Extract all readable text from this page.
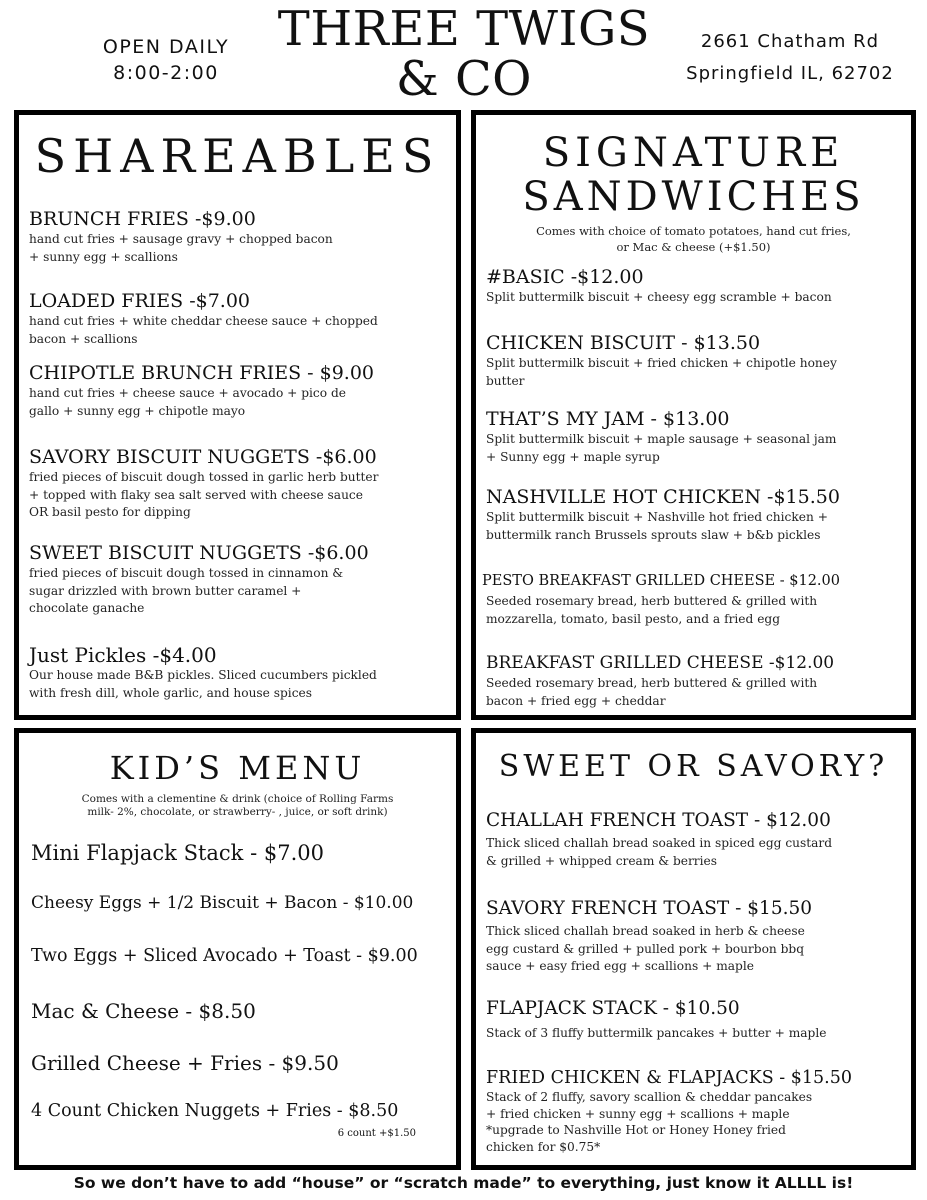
OPEN DAILY
8:00-2:00
THREE TWIGS
& CO
2661 Chatham Rd
Springfield IL, 62702
SHAREABLES
BRUNCH FRIES -$9.00
hand cut fries + sausage gravy + chopped bacon
+ sunny egg + scallions
LOADED FRIES -$7.00
hand cut fries + white cheddar cheese sauce + chopped
bacon + scallions
CHIPOTLE BRUNCH FRIES - $9.00
hand cut fries + cheese sauce + avocado + pico de
gallo + sunny egg + chipotle mayo
SAVORY BISCUIT NUGGETS -$6.00
fried pieces of biscuit dough tossed in garlic herb butter
+ topped with flaky sea salt served with cheese sauce
OR basil pesto for dipping
SWEET BISCUIT NUGGETS -$6.00
fried pieces of biscuit dough tossed in cinnamon &
sugar drizzled with brown butter caramel +
chocolate ganache
Just Pickles -$4.00
Our house made B&B pickles. Sliced cucumbers pickled
with fresh dill, whole garlic, and house spices
SIGNATURE
SANDWICHES
Comes with choice of tomato potatoes, hand cut fries,
or Mac & cheese (+$1.50)
#BASIC -$12.00
Split buttermilk biscuit + cheesy egg scramble + bacon
CHICKEN BISCUIT - $13.50
Split buttermilk biscuit + fried chicken + chipotle honey
butter
THAT’S MY JAM - $13.00
Split buttermilk biscuit + maple sausage + seasonal jam
+ Sunny egg + maple syrup
NASHVILLE HOT CHICKEN -$15.50
Split buttermilk biscuit + Nashville hot fried chicken +
buttermilk ranch Brussels sprouts slaw + b&b pickles
PESTO BREAKFAST GRILLED CHEESE - $12.00
Seeded rosemary bread, herb buttered & grilled with
mozzarella, tomato, basil pesto, and a fried egg
BREAKFAST GRILLED CHEESE -$12.00
Seeded rosemary bread, herb buttered & grilled with
bacon + fried egg + cheddar
KID’S MENU
Comes with a clementine & drink (choice of Rolling Farms
milk- 2%, chocolate, or strawberry- , juice, or soft drink)
Mini Flapjack Stack - $7.00
Cheesy Eggs + 1/2 Biscuit + Bacon - $10.00
Two Eggs + Sliced Avocado + Toast - $9.00
Mac & Cheese - $8.50
Grilled Cheese + Fries - $9.50
4 Count Chicken Nuggets + Fries - $8.50
6 count +$1.50
SWEET OR SAVORY?
CHALLAH FRENCH TOAST - $12.00
Thick sliced challah bread soaked in spiced egg custard
& grilled + whipped cream & berries
SAVORY FRENCH TOAST - $15.50
Thick sliced challah bread soaked in herb & cheese
egg custard & grilled + pulled pork + bourbon bbq
sauce + easy fried egg + scallions + maple
FLAPJACK STACK - $10.50
Stack of 3 fluffy buttermilk pancakes + butter + maple
FRIED CHICKEN & FLAPJACKS - $15.50
Stack of 2 fluffy, savory scallion & cheddar pancakes
+ fried chicken + sunny egg + scallions + maple
*upgrade to Nashville Hot or Honey Honey fried
chicken for $0.75*
So we don’t have to add “house” or “scratch made” to everything, just know it ALLLL is!
